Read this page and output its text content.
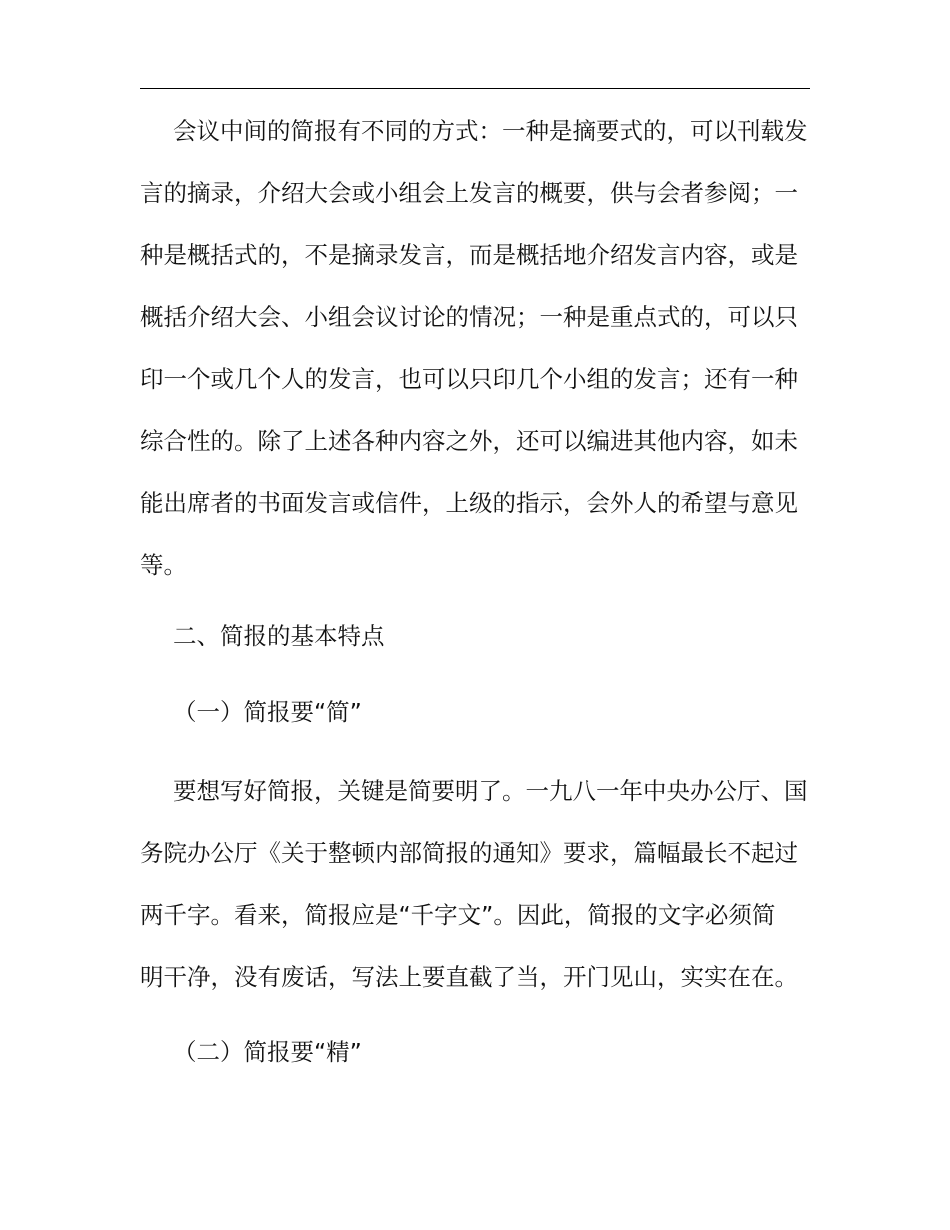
会议中间的简报有不同的方式：一种是摘要式的，可以刊载发
言的摘录，介绍大会或小组会上发言的概要，供与会者参阅；一
种是概括式的，不是摘录发言，而是概括地介绍发言内容，或是
概括介绍大会、小组会议讨论的情况；一种是重点式的，可以只
印一个或几个人的发言，也可以只印几个小组的发言；还有一种
综合性的。除了上述各种内容之外，还可以编进其他内容，如未
能出席者的书面发言或信件，上级的指示，会外人的希望与意见
等。

二、简报的基本特点

（一）简报要“简”

要想写好简报，关键是简要明了。一九八一年中央办公厅、国
务院办公厅《关于整顿内部简报的通知》要求，篇幅最长不起过
两千字。看来，简报应是“千字文”。因此，简报的文字必须简
明干净，没有废话，写法上要直截了当，开门见山，实实在在。

（二）简报要“精”
